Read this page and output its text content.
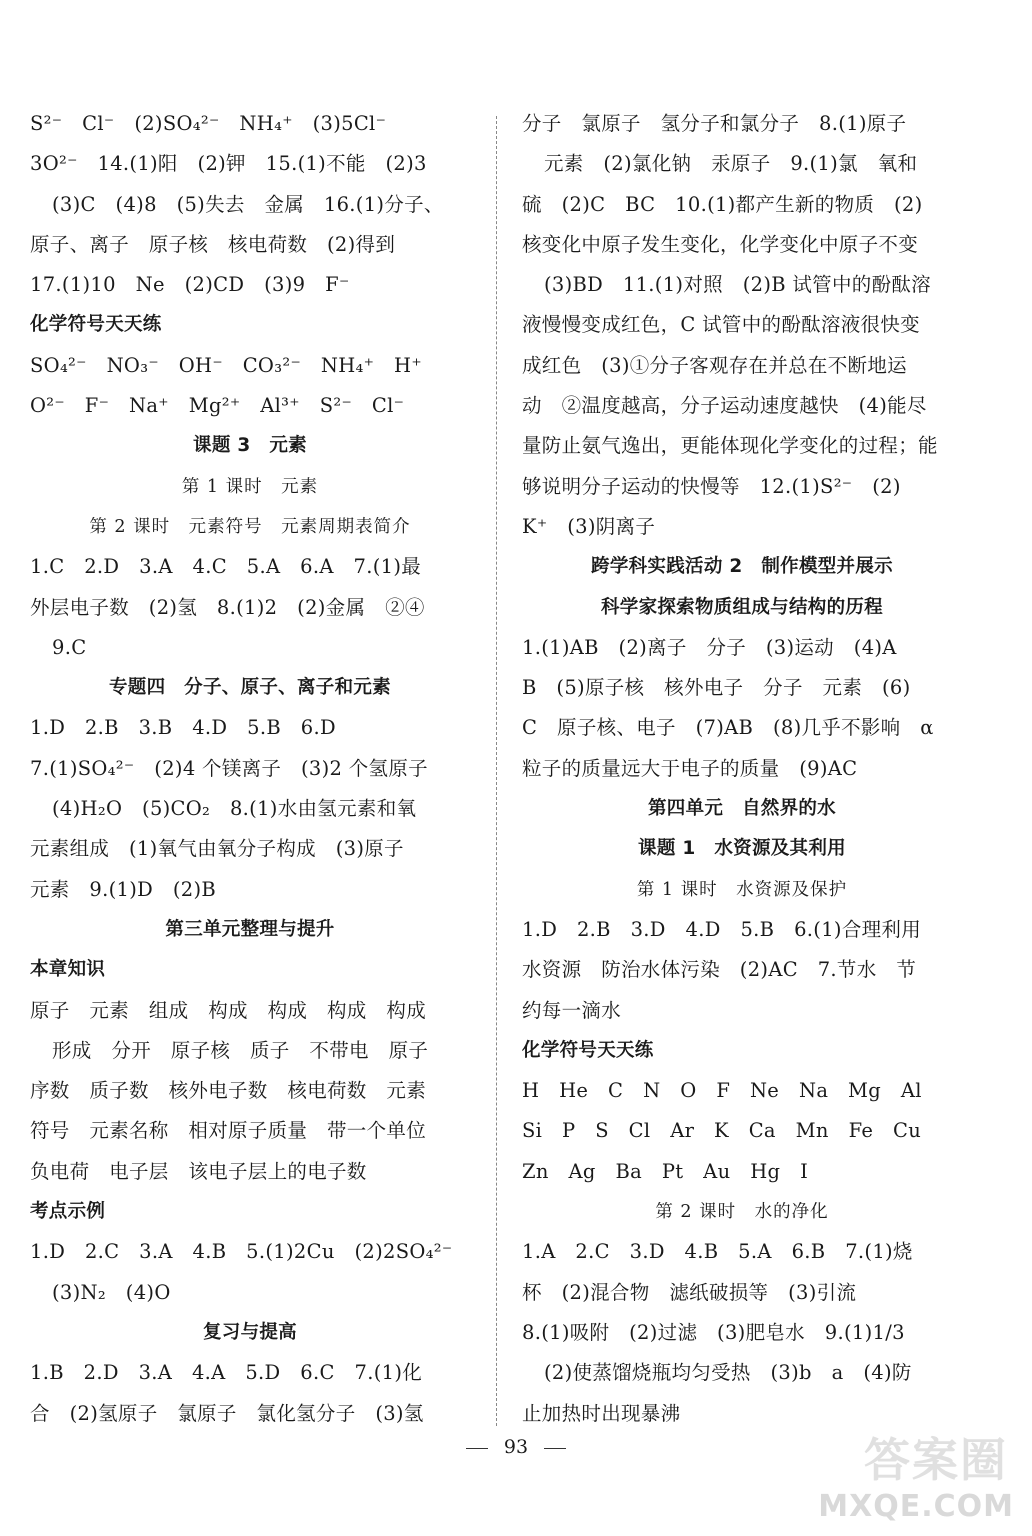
S²⁻　Cl⁻　(2)SO₄²⁻　NH₄⁺　(3)5Cl⁻
3O²⁻　14.(1)阳　(2)钾　15.(1)不能　(2)3
(3)C　(4)8　(5)失去　金属　16.(1)分子、
原子、离子　原子核　核电荷数　(2)得到
17.(1)10　Ne　(2)CD　(3)9　F⁻
化学符号天天练
SO₄²⁻　NO₃⁻　OH⁻　CO₃²⁻　NH₄⁺　H⁺
O²⁻　F⁻　Na⁺　Mg²⁺　Al³⁺　S²⁻　Cl⁻
课题 3　元素
第 1 课时　元素
第 2 课时　元素符号　元素周期表简介
1.C　2.D　3.A　4.C　5.A　6.A　7.(1)最
外层电子数　(2)氢　8.(1)2　(2)金属　②④
9.C
专题四　分子、原子、离子和元素
1.D　2.B　3.B　4.D　5.B　6.D
7.(1)SO₄²⁻　(2)4 个镁离子　(3)2 个氢原子
(4)H₂O　(5)CO₂　8.(1)水由氢元素和氧
元素组成　(1)氧气由氧分子构成　(3)原子
元素　9.(1)D　(2)B
第三单元整理与提升
本章知识
原子　元素　组成　构成　构成　构成　构成
形成　分开　原子核　质子　不带电　原子
序数　质子数　核外电子数　核电荷数　元素
符号　元素名称　相对原子质量　带一个单位
负电荷　电子层　该电子层上的电子数
考点示例
1.D　2.C　3.A　4.B　5.(1)2Cu　(2)2SO₄²⁻
(3)N₂　(4)O
复习与提高
1.B　2.D　3.A　4.A　5.D　6.C　7.(1)化
合　(2)氢原子　氯原子　氯化氢分子　(3)氢
分子　氯原子　氢分子和氯分子　8.(1)原子
元素　(2)氯化钠　汞原子　9.(1)氯　氧和
硫　(2)C　BC　10.(1)都产生新的物质　(2)
核变化中原子发生变化，化学变化中原子不变
(3)BD　11.(1)对照　(2)B 试管中的酚酞溶
液慢慢变成红色，C 试管中的酚酞溶液很快变
成红色　(3)①分子客观存在并总在不断地运
动　②温度越高，分子运动速度越快　(4)能尽
量防止氨气逸出，更能体现化学变化的过程；能
够说明分子运动的快慢等　12.(1)S²⁻　(2)
K⁺　(3)阴离子
跨学科实践活动 2　制作模型并展示
科学家探索物质组成与结构的历程
1.(1)AB　(2)离子　分子　(3)运动　(4)A
B　(5)原子核　核外电子　分子　元素　(6)
C　原子核、电子　(7)AB　(8)几乎不影响　α
粒子的质量远大于电子的质量　(9)AC
第四单元　自然界的水
课题 1　水资源及其利用
第 1 课时　水资源及保护
1.D　2.B　3.D　4.D　5.B　6.(1)合理利用
水资源　防治水体污染　(2)AC　7.节水　节
约每一滴水
化学符号天天练
H　He　C　N　O　F　Ne　Na　Mg　Al
Si　P　S　Cl　Ar　K　Ca　Mn　Fe　Cu
Zn　Ag　Ba　Pt　Au　Hg　I
第 2 课时　水的净化
1.A　2.C　3.D　4.B　5.A　6.B　7.(1)烧
杯　(2)混合物　滤纸破损等　(3)引流
8.(1)吸附　(2)过滤　(3)肥皂水　9.(1)1/3
(2)使蒸馏烧瓶均匀受热　(3)b　a　(4)防
止加热时出现暴沸
93	答案圈
MXQE.COM
